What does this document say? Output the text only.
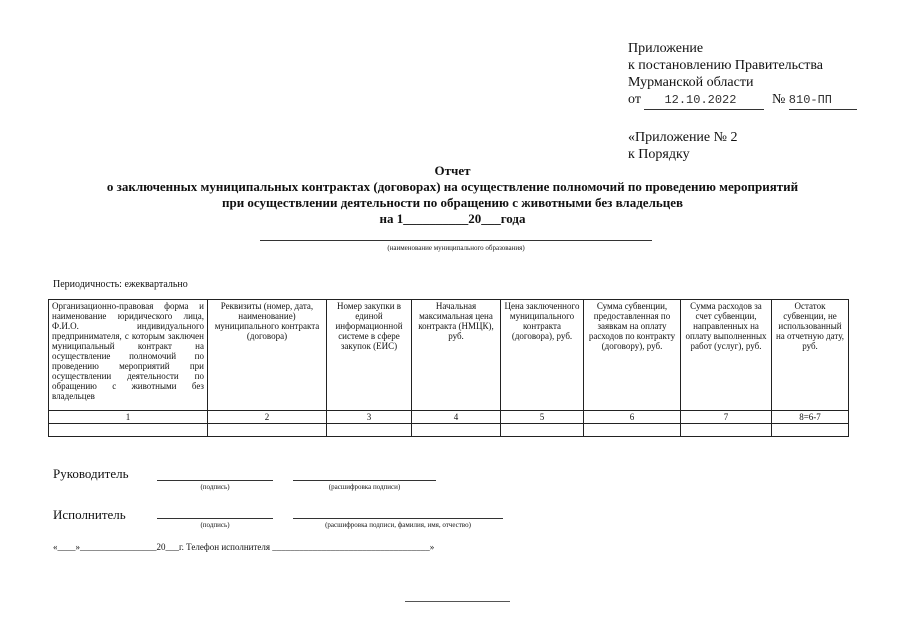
Приложение
к постановлению Правительства
Мурманской области
от 12.10.2022	№ 810-ПП
«Приложение № 2
к Порядку
Отчет
о заключенных муниципальных контрактах (договорах) на осуществление полномочий по проведению мероприятий
при осуществлении деятельности по обращению с животными без владельцев
на 1__________20___года
(наименование муниципального образования)
Периодичность: ежеквартально
Организационно-правовая форма и наименование юридического лица, Ф.И.О. индивидуального предпринимателя, с которым заключен муниципальный контракт на осуществление полномочий по проведению мероприятий при осуществлении деятельности по обращению с животными без владельцев	Реквизиты (номер, дата, наименование) муниципального контракта (договора)	Номер закупки в единой информационной системе в сфере закупок (ЕИС)	Начальная максимальная цена контракта (НМЦК), руб.	Цена заключенного муниципального контракта (договора), руб.	Сумма субвенции, предоставленная по заявкам на оплату расходов по контракту (договору), руб.	Сумма расходов за счет субвенции, направленных на оплату выполненных работ (услуг), руб.	Остаток субвенции, не использованный на отчетную дату, руб.
1	2	3	4	5	6	7	8=6-7

Руководитель
(подпись)	(расшифровка подписи)
Исполнитель
(подпись)	(расшифровка подписи, фамилия, имя, отчество)
«____»_________________20___г. Телефон исполнителя ___________________________________»
